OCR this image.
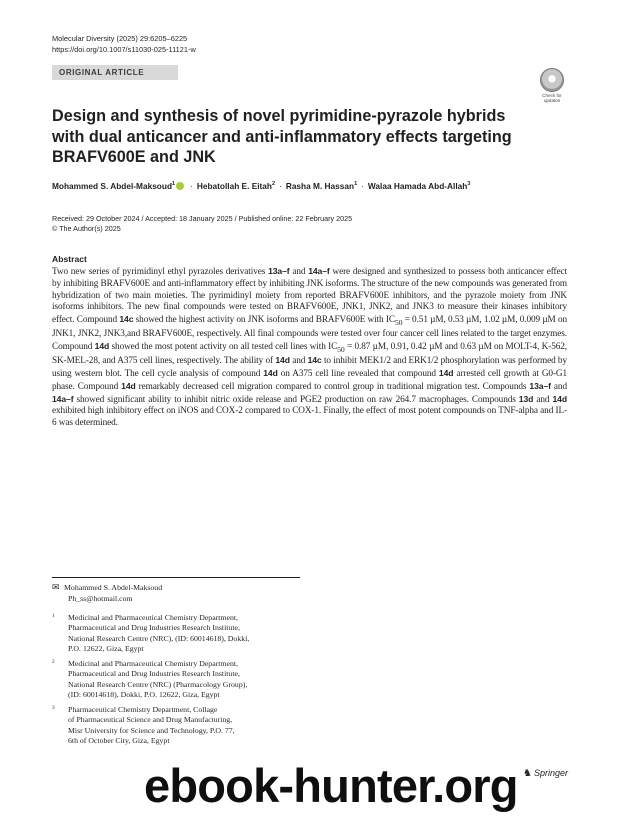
Molecular Diversity (2025) 29:6205–6225
https://doi.org/10.1007/s11030-025-11121-w
ORIGINAL ARTICLE
Check for
updates
Design and synthesis of novel pyrimidine-pyrazole hybrids with dual anticancer and anti-inflammatory effects targeting BRAFV600E and JNK
Mohammed S. Abdel-Maksoud$^1$ · Hebatollah E. Eitah$^2$ · Rasha M. Hassan$^1$ · Walaa Hamada Abd-Allah$^3$
Received: 29 October 2024 / Accepted: 18 January 2025 / Published online: 22 February 2025
© The Author(s) 2025
Abstract

Two new series of pyrimidinyl ethyl pyrazoles derivatives 13a–f and 14a–f were designed and synthesized to possess both anticancer effect by inhibiting BRAFV600E and anti-inflammatory effect by inhibiting JNK isoforms. The structure of the new compounds was generated from hybridization of two main moieties. The pyrimidinyl moiety from reported BRAFV600E inhibitors, and the pyrazole moiety from JNK isoforms inhibitors. The new final compounds were tested on BRAFV600E, JNK1, JNK2, and JNK3 to measure their kinases inhibitory effect. Compound 14c showed the highest activity on JNK isoforms and BRAFV600E with $IC_{50} = 0.51$ µM, 0.53 µM, 1.02 µM, 0.009 µM on JNK1, JNK2, JNK3,and BRAFV600E, respectively. All final compounds were tested over four cancer cell lines related to the target enzymes. Compound 14d showed the most potent activity on all tested cell lines with $IC_{50} = 0.87$ µM, 0.91, 0.42 µM and 0.63 µM on MOLT-4, K-562, SK-MEL-28, and A375 cell lines, respectively. The ability of 14d and 14c to inhibit MEK1/2 and ERK1/2 phosphorylation was performed by using western blot. The cell cycle analysis of compound 14d on A375 cell line revealed that compound 14d arrested cell growth at G0-G1 phase. Compound 14d remarkably decreased cell migration compared to control group in traditional migration test. Compounds 13a–f and 14a–f showed significant ability to inhibit nitric oxide release and PGE2 production on raw 264.7 macrophages. Compounds 13d and 14d exhibited high inhibitory effect on iNOS and COX-2 compared to COX-1. Finally, the effect of most potent compounds on TNF-alpha and IL-6 was determined.

✉ Mohammed S. Abdel-Maksoud
Ph_ss@hotmail.com
1 Medicinal and Pharmaceutical Chemistry Department,
Pharmaceutical and Drug Industries Research Institute,
National Research Centre (NRC), (ID: 60014618), Dokki,
P.O. 12622, Giza, Egypt
2 Medicinal and Pharmaceutical Chemistry Department,
Pharmaceutical and Drug Industries Research Institute,
National Research Centre (NRC) (Pharmacology Group),
(ID: 60014618), Dokki, P.O. 12622, Giza, Egypt
3 Pharmaceutical Chemistry Department, Collage
of Pharmaceutical Science and Drug Manufacturing,
Misr University for Science and Technology, P.O. 77,
6th of October City, Giza, Egypt
ebook-hunter.org ♞ Springer
